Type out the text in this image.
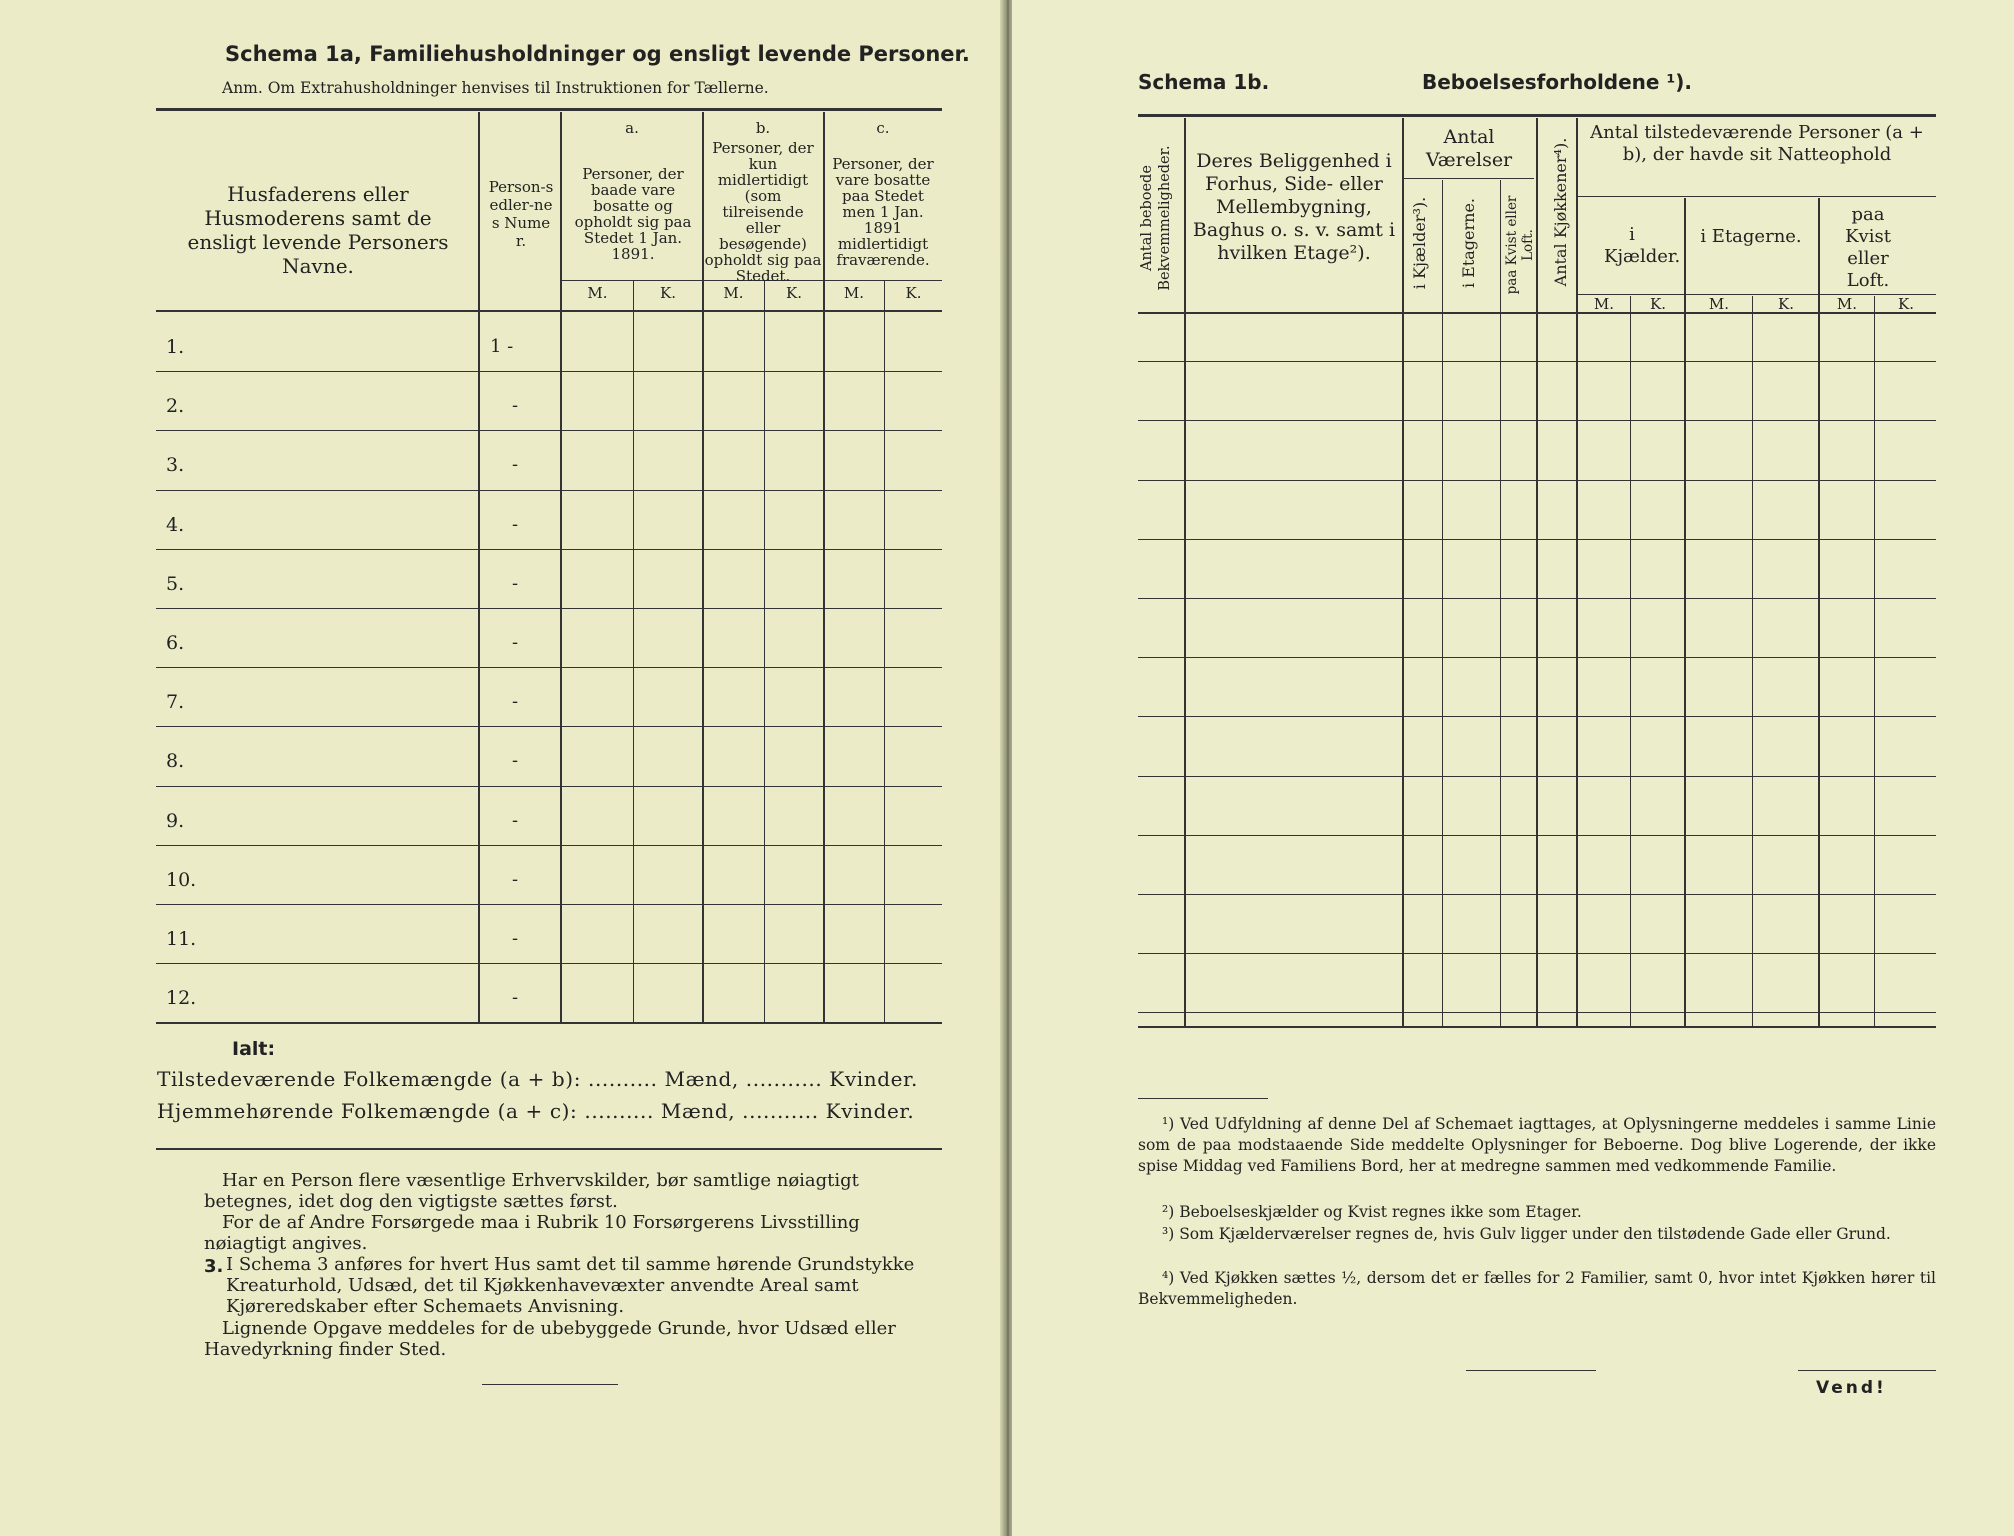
Schema 1a, Familiehusholdninger og ensligt levende Personer.
Anm. Om Extrahusholdninger henvises til Instruktionen for Tællerne.
Husfaderens eller Husmoderens samt de ensligt levende Personers Navne.
Person-sedler-nes Numer.
a.
Personer, der baade vare bosatte og opholdt sig paa Stedet 1 Jan. 1891.
b.
Personer, der kun midlertidigt (som tilreisende eller besøgende) opholdt sig paa Stedet.
c.
Personer, der vare bosatte paa Stedet men 1 Jan. 1891 midlertidigt fraværende.
M.	K.	M.	K.	M.	K.
1.	1 -
2.	-
3.	-
4.	-
5.	-
6.	-
7.	-
8.	-
9.	-
10.	-
11.	-
12.	-
Ialt:
Tilstedeværende Folkemængde (a + b): .......... Mænd, ........... Kvinder.
Hjemmehørende Folkemængde (a + c): .......... Mænd, ........... Kvinder.
Har en Person flere væsentlige Erhvervskilder, bør samtlige nøiagtigt betegnes, idet dog den vigtigste sættes først.
For de af Andre Forsørgede maa i Rubrik 10 Forsørgerens Livsstilling nøiagtigt angives.
3. I Schema 3 anføres for hvert Hus samt det til samme hørende Grundstykke Kreaturhold, Udsæd, det til Kjøkkenhavevæxter anvendte Areal samt Kjøreredskaber efter Schemaets Anvisning.
Lignende Opgave meddeles for de ubebyggede Grunde, hvor Udsæd eller Havedyrkning finder Sted.
Schema 1b.	Beboelsesforholdene ¹).
Antal beboede Bekvemmeligheder. Deres Beliggenhed i Forhus, Side- eller Mellembygning, Baghus o. s. v. samt i hvilken Etage²).
Antal Værelser
i Kjælder³). i Etagerne. paa Kvist eller Loft. Antal Kjøkkener⁴).
Antal tilstedeværende Personer (a + b), der havde sit Natteophold
i Kjælder.
i Etagerne.
paa Kvist eller Loft.
M.	K.	M.	K.	M.	K.
¹) Ved Udfyldning af denne Del af Schemaet iagttages, at Oplysningerne meddeles i samme Linie som de paa modstaaende Side meddelte Oplysninger for Beboerne. Dog blive Logerende, der ikke spise Middag ved Familiens Bord, her at medregne sammen med vedkommende Familie.
²) Beboelseskjælder og Kvist regnes ikke som Etager.
³) Som Kjælderværelser regnes de, hvis Gulv ligger under den tilstødende Gade eller Grund.
⁴) Ved Kjøkken sættes ½, dersom det er fælles for 2 Familier, samt 0, hvor intet Kjøkken hører til Bekvemmeligheden.
Vend!
